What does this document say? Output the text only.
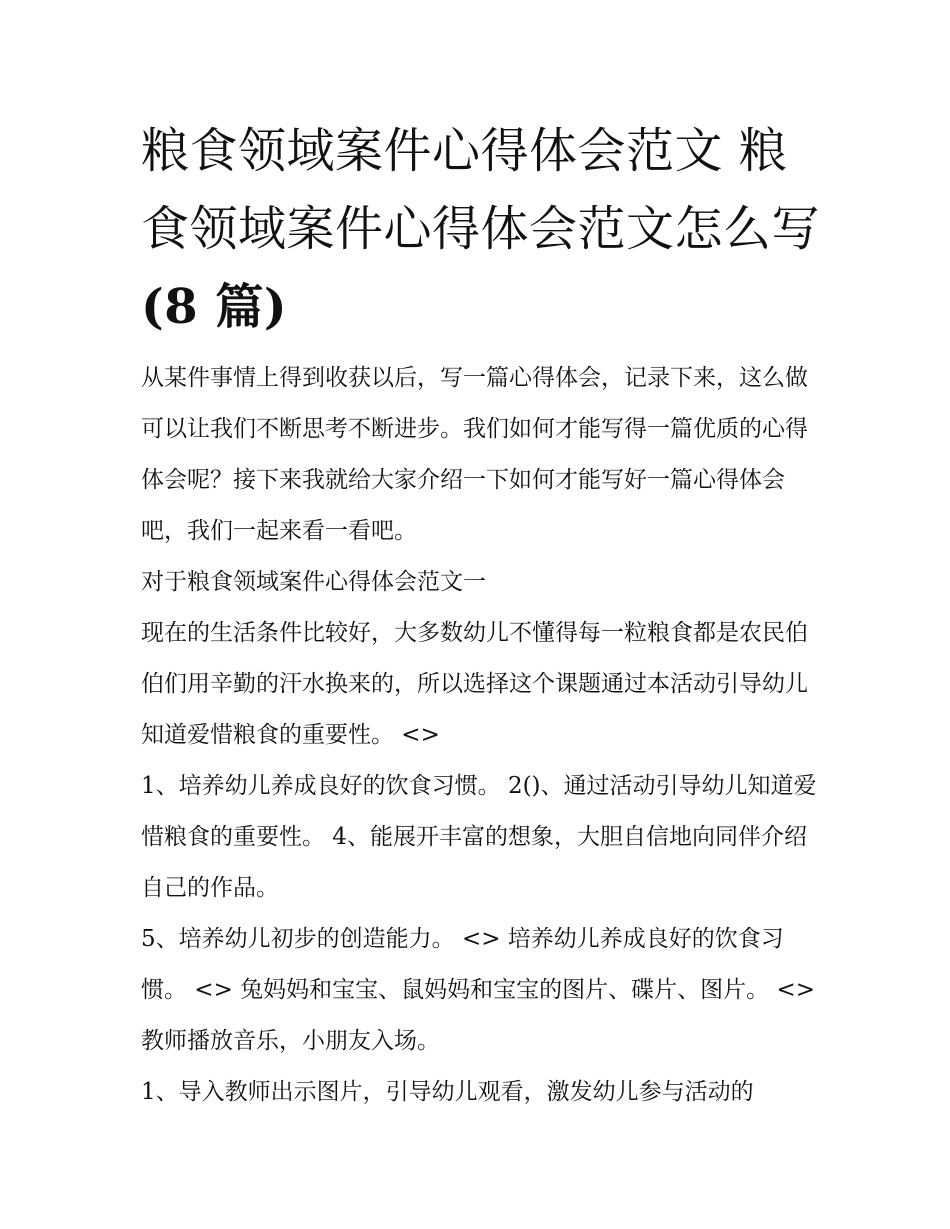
粮食领域案件心得体会范文 粮食领域案件心得体会范文怎么写(8 篇)

从某件事情上得到收获以后，写一篇心得体会，记录下来，这么做可以让我们不断思考不断进步。我们如何才能写得一篇优质的心得体会呢？接下来我就给大家介绍一下如何才能写好一篇心得体会吧，我们一起来看一看吧。

对于粮食领域案件心得体会范文一

现在的生活条件比较好，大多数幼儿不懂得每一粒粮食都是农民伯伯们用辛勤的汗水换来的，所以选择这个课题通过本活动引导幼儿知道爱惜粮食的重要性。 <>

1、培养幼儿养成良好的饮食习惯。 2()、通过活动引导幼儿知道爱惜粮食的重要性。 4、能展开丰富的想象，大胆自信地向同伴介绍自己的作品。

5、培养幼儿初步的创造能力。 <> 培养幼儿养成良好的饮食习惯。 <> 兔妈妈和宝宝、鼠妈妈和宝宝的图片、碟片、图片。 <> 教师播放音乐，小朋友入场。

1、导入教师出示图片，引导幼儿观看，激发幼儿参与活动的
